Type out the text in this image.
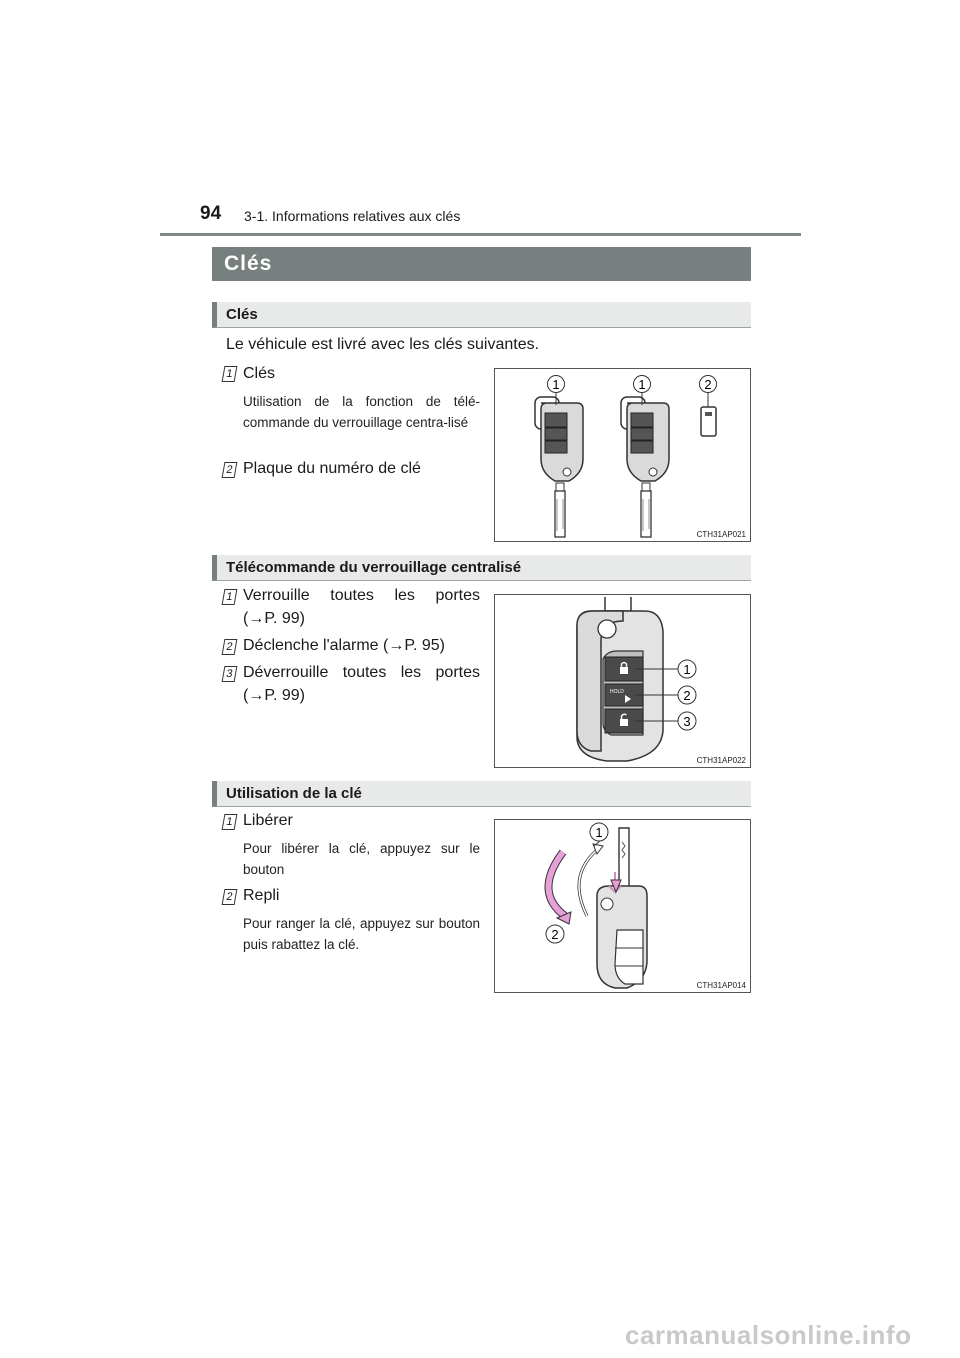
94 3-1. Informations relatives aux clés
Clés
Clés
Le véhicule est livré avec les clés suivantes.
1 Clés
Utilisation de la fonction de télé-commande du verrouillage centra-lisé
2 Plaque du numéro de clé
1	1	2
CTH31AP021
Télécommande du verrouillage centralisé
1 Verrouille toutes les portes
(→P. 99)
2 Déclenche l'alarme (→P. 95)
3 Déverrouille toutes les portes
(→P. 99)	HOLD
1
2
3
CTH31AP022
Utilisation de la clé
1 Libérer
Pour libérer la clé, appuyez sur le bouton
2 Repli
Pour ranger la clé, appuyez sur bouton puis rabattez la clé.
1
2
CTH31AP014
carmanualsonline.info
